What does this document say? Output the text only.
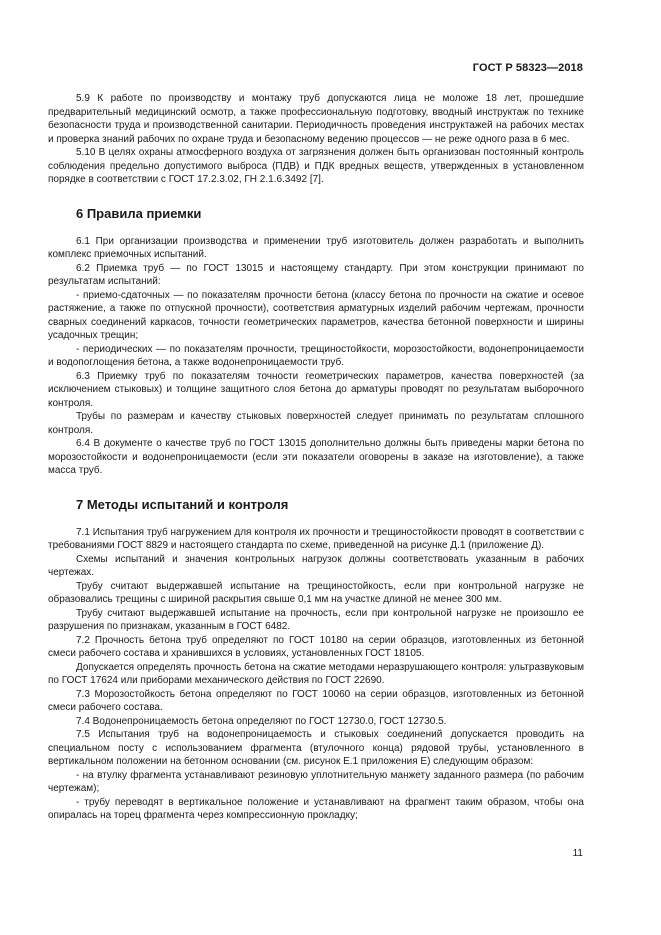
ГОСТ Р 58323—2018

5.9 К работе по производству и монтажу труб допускаются лица не моложе 18 лет, прошедшие предварительный медицинский осмотр, а также профессиональную подготовку, вводный инструктаж по технике безопасности труда и производственной санитарии. Периодичность проведения инструктажей на рабочих местах и проверка знаний рабочих по охране труда и безопасному ведению процессов — не реже одного раза в 6 мес.

5.10 В целях охраны атмосферного воздуха от загрязнения должен быть организован постоянный контроль соблюдения предельно допустимого выброса (ПДВ) и ПДК вредных веществ, утвержденных в установленном порядке в соответствии с ГОСТ 17.2.3.02, ГН 2.1.6.3492 [7].

6 Правила приемки

6.1 При организации производства и применении труб изготовитель должен разработать и выполнить комплекс приемочных испытаний.

6.2 Приемка труб — по ГОСТ 13015 и настоящему стандарту. При этом конструкции принимают по результатам испытаний:

- приемо-сдаточных — по показателям прочности бетона (классу бетона по прочности на сжатие и осевое растяжение, а также по отпускной прочности), соответствия арматурных изделий рабочим чертежам, прочности сварных соединений каркасов, точности геометрических параметров, качества бетонной поверхности и ширины усадочных трещин;

- периодических — по показателям прочности, трещиностойкости, морозостойкости, водонепроницаемости и водопоглощения бетона, а также водонепроницаемости труб.

6.3 Приемку труб по показателям точности геометрических параметров, качества поверхностей (за исключением стыковых) и толщине защитного слоя бетона до арматуры проводят по результатам выборочного контроля.

Трубы по размерам и качеству стыковых поверхностей следует принимать по результатам сплошного контроля.

6.4 В документе о качестве труб по ГОСТ 13015 дополнительно должны быть приведены марки бетона по морозостойкости и водонепроницаемости (если эти показатели оговорены в заказе на изготовление), а также масса труб.

7 Методы испытаний и контроля

7.1 Испытания труб нагружением для контроля их прочности и трещиностойкости проводят в соответствии с требованиями ГОСТ 8829 и настоящего стандарта по схеме, приведенной на рисунке Д.1 (приложение Д).

Схемы испытаний и значения контрольных нагрузок должны соответствовать указанным в рабочих чертежах.

Трубу считают выдержавшей испытание на трещиностойкость, если при контрольной нагрузке не образовались трещины с шириной раскрытия свыше 0,1 мм на участке длиной не менее 300 мм.

Трубу считают выдержавшей испытание на прочность, если при контрольной нагрузке не произошло ее разрушения по признакам, указанным в ГОСТ 6482.

7.2 Прочность бетона труб определяют по ГОСТ 10180 на серии образцов, изготовленных из бетонной смеси рабочего состава и хранившихся в условиях, установленных ГОСТ 18105.

Допускается определять прочность бетона на сжатие методами неразрушающего контроля: ультразвуковым по ГОСТ 17624 или приборами механического действия по ГОСТ 22690.

7.3 Морозостойкость бетона определяют по ГОСТ 10060 на серии образцов, изготовленных из бетонной смеси рабочего состава.

7.4 Водонепроницаемость бетона определяют по ГОСТ 12730.0, ГОСТ 12730.5.

7.5 Испытания труб на водонепроницаемость и стыковых соединений допускается проводить на специальном посту с использованием фрагмента (втулочного конца) рядовой трубы, установленного в вертикальном положении на бетонном основании (см. рисунок Е.1 приложения Е) следующим образом:

- на втулку фрагмента устанавливают резиновую уплотнительную манжету заданного размера (по рабочим чертежам);

- трубу переводят в вертикальное положение и устанавливают на фрагмент таким образом, чтобы она опиралась на торец фрагмента через компрессионную прокладку;

11
